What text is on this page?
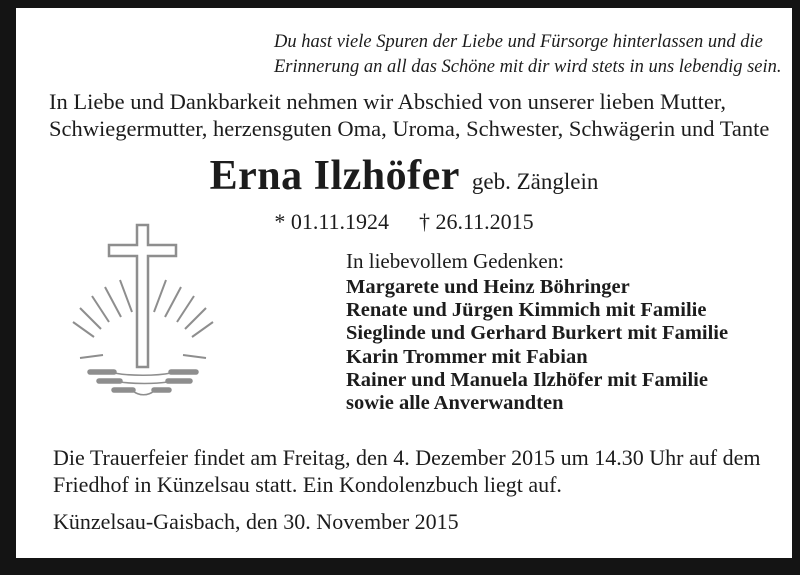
Du hast viele Spuren der Liebe und Fürsorge hinterlassen und die
Erinnerung an all das Schöne mit dir wird stets in uns lebendig sein.
In Liebe und Dankbarkeit nehmen wir Abschied von unserer lieben Mutter,
Schwiegermutter, herzensguten Oma, Uroma, Schwester, Schwägerin und Tante
Erna Ilzhöfer geb. Zänglein
* 01.11.1924 † 26.11.2015
In liebevollem Gedenken:
Margarete und Heinz Böhringer
Renate und Jürgen Kimmich mit Familie
Sieglinde und Gerhard Burkert mit Familie
Karin Trommer mit Fabian
Rainer und Manuela Ilzhöfer mit Familie
sowie alle Anverwandten
Die Trauerfeier findet am Freitag, den 4. Dezember 2015 um 14.30 Uhr auf dem
Friedhof in Künzelsau statt. Ein Kondolenzbuch liegt auf.
Künzelsau-Gaisbach, den 30. November 2015
